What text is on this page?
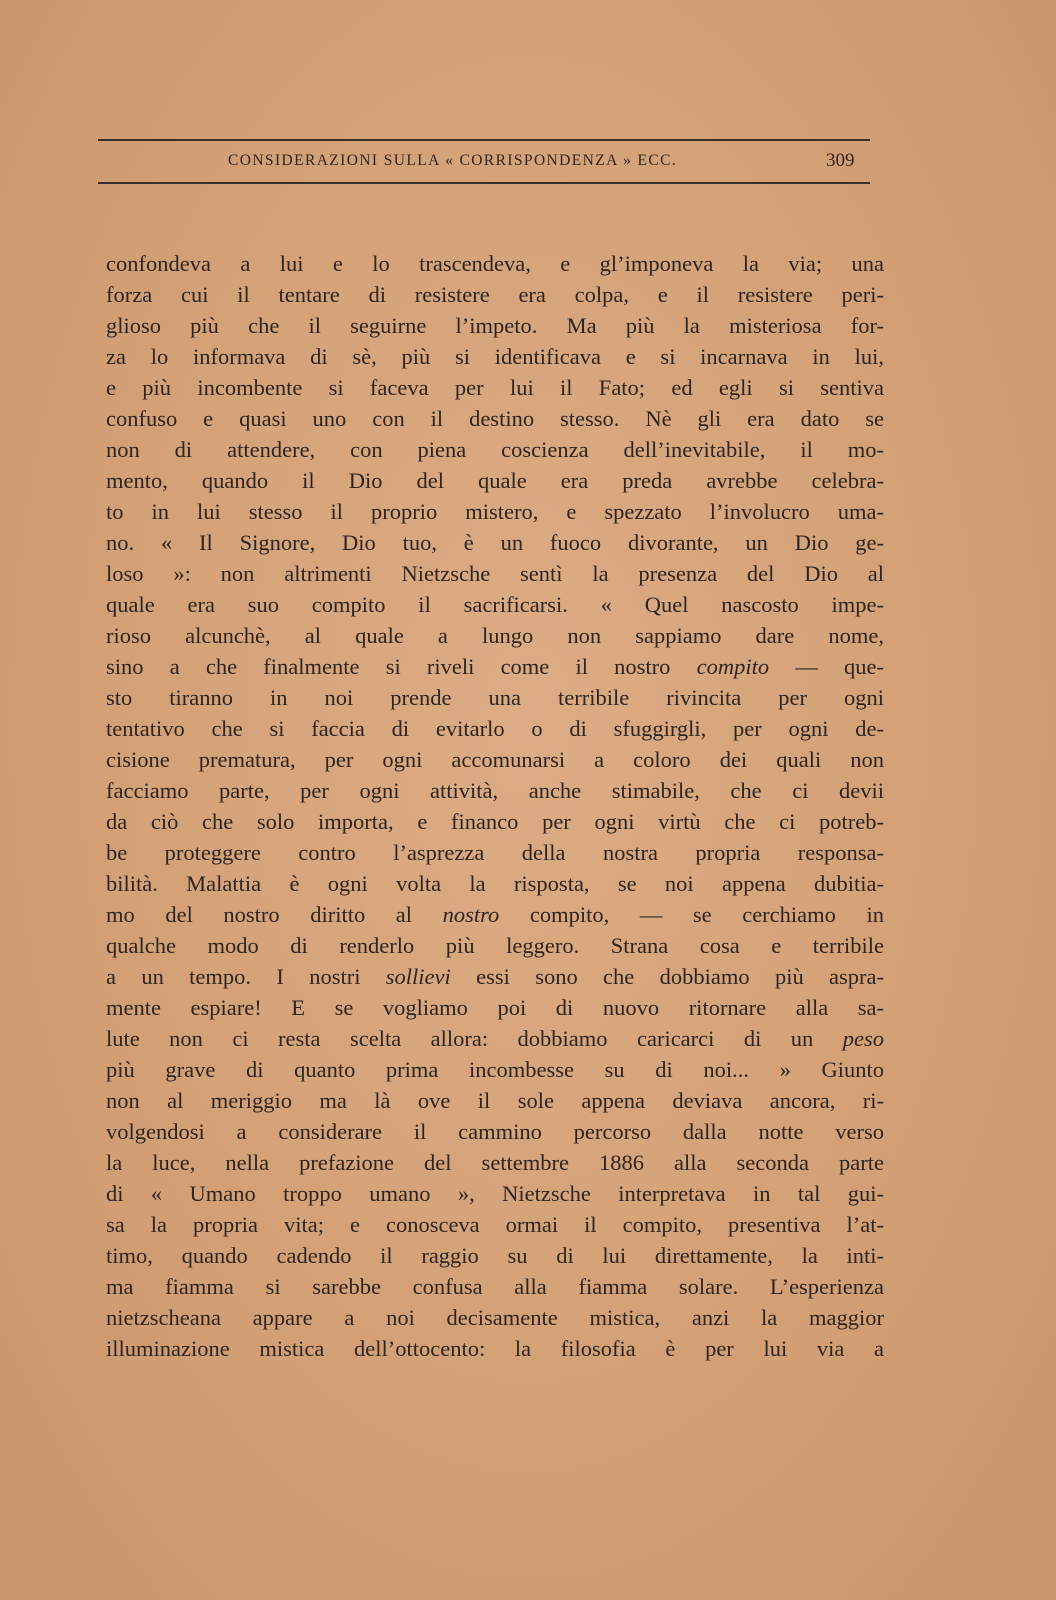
CONSIDERAZIONI SULLA « CORRISPONDENZA » ECC.	309
confondeva a lui e lo trascendeva, e gl’imponeva la via; una
forza cui il tentare di resistere era colpa, e il resistere peri-
glioso più che il seguirne l’impeto. Ma più la misteriosa for-
za lo informava di sè, più si identificava e si incarnava in lui,
e più incombente si faceva per lui il Fato; ed egli si sentiva
confuso e quasi uno con il destino stesso. Nè gli era dato se
non di attendere, con piena coscienza dell’inevitabile, il mo-
mento, quando il Dio del quale era preda avrebbe celebra-
to in lui stesso il proprio mistero, e spezzato l’involucro uma-
no. « Il Signore, Dio tuo, è un fuoco divorante, un Dio ge-
loso »: non altrimenti Nietzsche sentì la presenza del Dio al
quale era suo compito il sacrificarsi. « Quel nascosto impe-
rioso alcunchè, al quale a lungo non sappiamo dare nome,
sino a che finalmente si riveli come il nostro compito — que-
sto tiranno in noi prende una terribile rivincita per ogni
tentativo che si faccia di evitarlo o di sfuggirgli, per ogni de-
cisione prematura, per ogni accomunarsi a coloro dei quali non
facciamo parte, per ogni attività, anche stimabile, che ci devii
da ciò che solo importa, e financo per ogni virtù che ci potreb-
be proteggere contro l’asprezza della nostra propria responsa-
bilità. Malattia è ogni volta la risposta, se noi appena dubitia-
mo del nostro diritto al nostro compito, — se cerchiamo in
qualche modo di renderlo più leggero. Strana cosa e terribile
a un tempo. I nostri sollievi essi sono che dobbiamo più aspra-
mente espiare! E se vogliamo poi di nuovo ritornare alla sa-
lute non ci resta scelta allora: dobbiamo caricarci di un peso
più grave di quanto prima incombesse su di noi... » Giunto
non al meriggio ma là ove il sole appena deviava ancora, ri-
volgendosi a considerare il cammino percorso dalla notte verso
la luce, nella prefazione del settembre 1886 alla seconda parte
di « Umano troppo umano », Nietzsche interpretava in tal gui-
sa la propria vita; e conosceva ormai il compito, presentiva l’at-
timo, quando cadendo il raggio su di lui direttamente, la inti-
ma fiamma si sarebbe confusa alla fiamma solare. L’esperienza
nietzscheana appare a noi decisamente mistica, anzi la maggior
illuminazione mistica dell’ottocento: la filosofia è per lui via a
